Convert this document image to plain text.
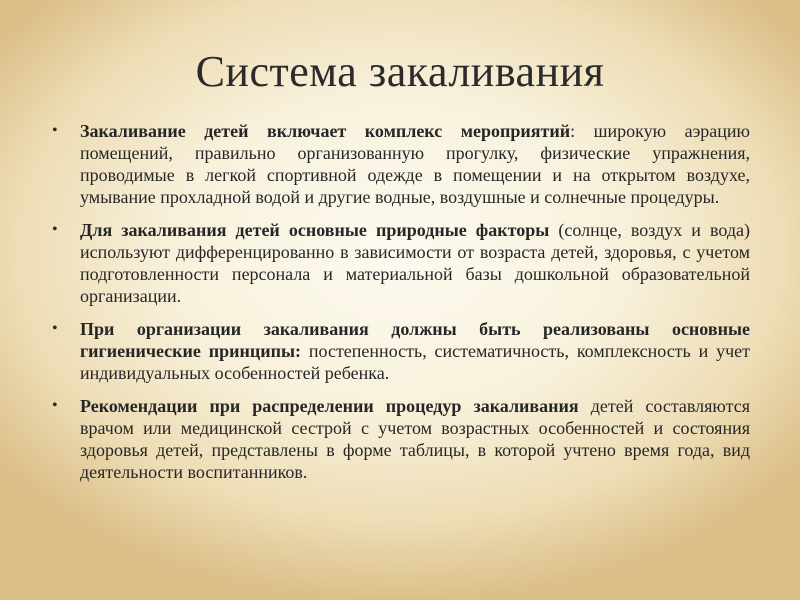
Система закаливания
• Закаливание детей включает комплекс мероприятий: широкую аэрацию помещений, правильно организованную прогулку, физические упражнения, проводимые в легкой спортивной одежде в помещении и на открытом воздухе, умывание прохладной водой и другие водные, воздушные и солнечные процедуры.
• Для закаливания детей основные природные факторы (солнце, воздух и вода) используют дифференцированно в зависимости от возраста детей, здоровья, с учетом подготовленности персонала и материальной базы дошкольной образовательной организации.
• При организации закаливания должны быть реализованы основные гигиенические принципы: постепенность, систематичность, комплексность и учет индивидуальных особенностей ребенка.
• Рекомендации при распределении процедур закаливания детей составляются врачом или медицинской сестрой с учетом возрастных особенностей и состояния здоровья детей, представлены в форме таблицы, в которой учтено время года, вид деятельности воспитанников.
